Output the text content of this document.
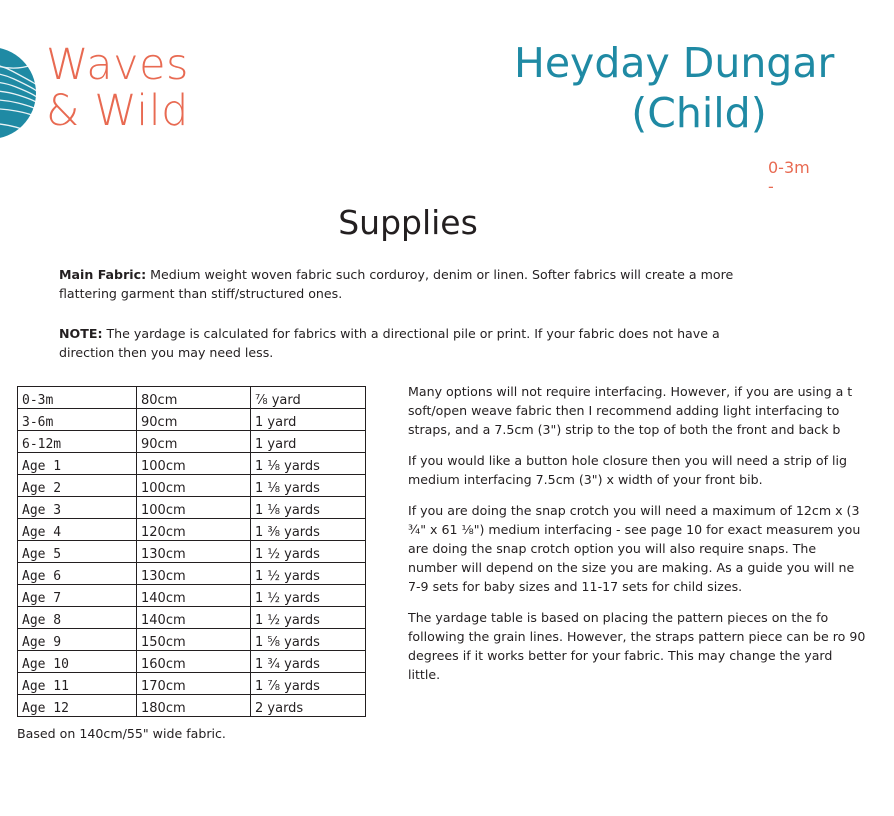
Waves
& Wild
Heyday Dungar
(Child)
0-3m -
Supplies
Main Fabric: Medium weight woven fabric such corduroy, denim or linen. Softer fabrics will create a more flattering garment than stiff/structured ones.
NOTE: The yardage is calculated for fabrics with a directional pile or print. If your fabric does not have a direction then you may need less.
0-3m	80cm	⅞ yard
3-6m	90cm	1 yard
6-12m	90cm	1 yard
Age 1	100cm	1 ⅛ yards
Age 2	100cm	1 ⅛ yards
Age 3	100cm	1 ⅛ yards
Age 4	120cm	1 ⅜ yards
Age 5	130cm	1 ½ yards
Age 6	130cm	1 ½ yards
Age 7	140cm	1 ½ yards
Age 8	140cm	1 ½ yards
Age 9	150cm	1 ⅝ yards
Age 10	160cm	1 ¾ yards
Age 11	170cm	1 ⅞ yards
Age 12	180cm	2 yards
Based on 140cm/55" wide fabric.

Many options will not require interfacing. However, if you are using a t soft/open weave fabric then I recommend adding light interfacing to straps, and a 7.5cm (3") strip to the top of both the front and back b

If you would like a button hole closure then you will need a strip of lig medium interfacing 7.5cm (3") x width of your front bib.

If you are doing the snap crotch you will need a maximum of 12cm x (3 ¾" x 61 ⅛") medium interfacing - see page 10 for exact measurem you are doing the snap crotch option you will also require snaps. The number will depend on the size you are making. As a guide you will ne 7-9 sets for baby sizes and 11-17 sets for child sizes.

The yardage table is based on placing the pattern pieces on the fo following the grain lines. However, the straps pattern piece can be ro 90 degrees if it works better for your fabric. This may change the yard little.
